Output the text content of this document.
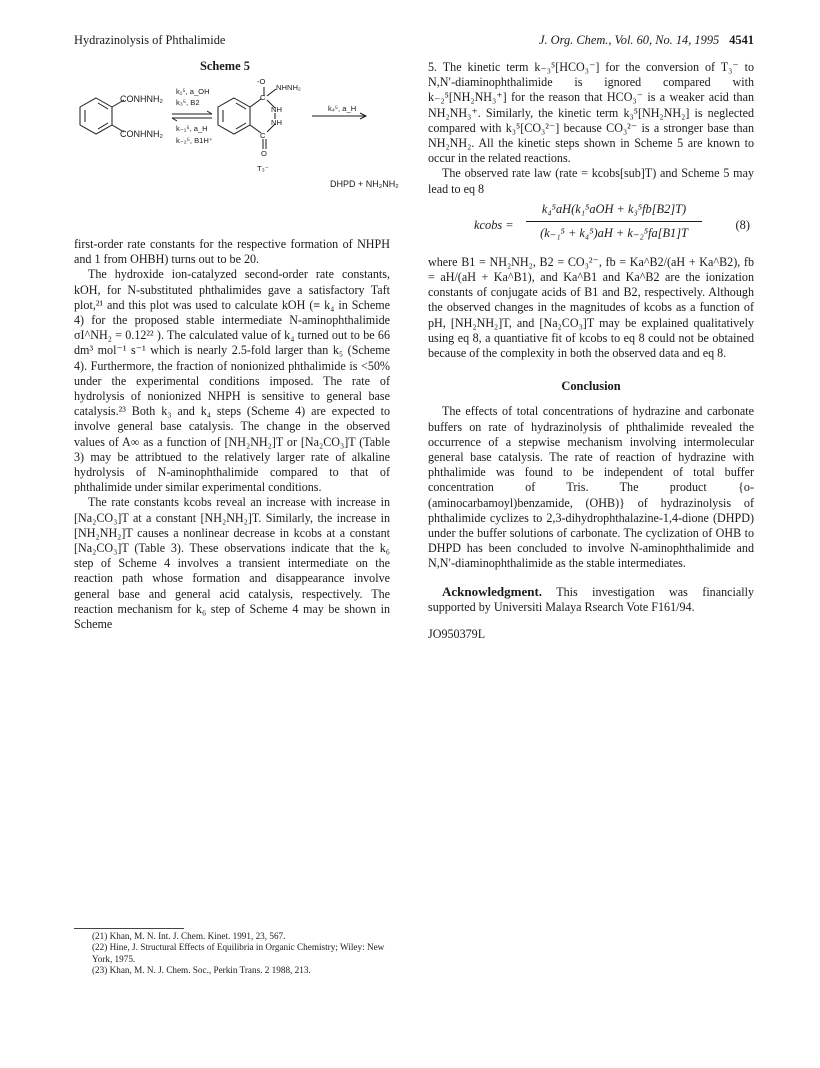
Hydrazinolysis of Phthalimide	J. Org. Chem., Vol. 60, No. 14, 1995 4541
Scheme 5
CONHNH₂
CONHNH₂
k₁⁵, a_OH
k₃⁵, B2
k₋₁⁵, a_H
k₋₂⁵, B1H⁺
-O
NHNH₂
C
NH
NH
C
O
T₃⁻
k₄⁵, a_H
DHPD + NH₂NH₂

first-order rate constants for the respective formation of NHPH and 1 from OHBH) turns out to be 20.

The hydroxide ion-catalyzed second-order rate constants, kOH, for N-substituted phthalimides gave a satisfactory Taft plot,²¹ and this plot was used to calculate kOH (≡ k₄ in Scheme 4) for the proposed stable intermediate N-aminophthalimide σI^NH₂ = 0.12²² ). The calculated value of k₄ turned out to be 66 dm³ mol⁻¹ s⁻¹ which is nearly 2.5-fold larger than k₅ (Scheme 4). Furthermore, the fraction of nonionized phthalimide is <50% under the experimental conditions imposed. The rate of hydrolysis of nonionized NHPH is sensitive to general base catalysis.²³ Both k₃ and k₄ steps (Scheme 4) are expected to involve general base catalysis. The change in the observed values of A∞ as a function of [NH₂NH₂]T or [Na₂CO₃]T (Table 3) may be attribtued to the relatively larger rate of alkaline hydrolysis of N-aminophthalimide compared to that of phthalimide under similar experimental conditions.

The rate constants kcobs reveal an increase with increase in [Na₂CO₃]T at a constant [NH₂NH₂]T. Similarly, the increase in [NH₂NH₂]T causes a nonlinear decrease in kcobs at a constant [Na₂CO₃]T (Table 3). These observations indicate that the k₆ step of Scheme 4 involves a transient intermediate on the reaction path whose formation and disappearance involve general base and general acid catalysis, respectively. The reaction mechanism for k₆ step of Scheme 4 may be shown in Scheme

5. The kinetic term k₋₃⁵[HCO₃⁻] for the conversion of T₃⁻ to N,N′-diaminophthalimide is ignored compared with k₋₂⁵[NH₂NH₃⁺] for the reason that HCO₃⁻ is a weaker acid than NH₂NH₃⁺. Similarly, the kinetic term k₃⁵[NH₂NH₂] is neglected compared with k₃⁵[CO₃²⁻] because CO₃²⁻ is a stronger base than NH₂NH₂. All the kinetic steps shown in Scheme 5 are known to occur in the related reactions.

The observed rate law (rate = kcobs[sub]T) and Scheme 5 may lead to eq 8

kcobs =
k₄⁵aH(k₁⁵aOH + k₃⁵fb[B2]T)
(k₋₁⁵ + k₄⁵)aH + k₋₂⁵fa[B1]T
(8)

where B1 = NH₂NH₂, B2 = CO₃²⁻, fb = Ka^B2/(aH + Ka^B2), fb = aH/(aH + Ka^B1), and Ka^B1 and Ka^B2 are the ionization constants of conjugate acids of B1 and B2, respectively. Although the observed changes in the magnitudes of kcobs as a function of pH, [NH₂NH₂]T, and [Na₂CO₃]T may be explained qualitatively using eq 8, a quantiative fit of kcobs to eq 8 could not be obtained because of the complexity in both the observed data and eq 8.

Conclusion

The effects of total concentrations of hydrazine and carbonate buffers on rate of hydrazinolysis of phthalimide revealed the occurrence of a stepwise mechanism involving intermolecular general base catalysis. The rate of reaction of hydrazine with phthalimide was found to be independent of total buffer concentration of Tris. The product {o-(aminocarbamoyl)benzamide, (OHB)} of hydrazinolysis of phthalimide cyclizes to 2,3-dihydrophthalazine-1,4-dione (DHPD) under the buffer solutions of carbonate. The cyclization of OHB to DHPD has been concluded to involve N-aminophthalimide and N,N′-diaminophthalimide as the stable intermediates.

Acknowledgment. This investigation was financially supported by Universiti Malaya Rsearch Vote F161/94.

JO950379L

(21) Khan, M. N. Int. J. Chem. Kinet. 1991, 23, 567.
(22) Hine, J. Structural Effects of Equilibria in Organic Chemistry; Wiley: New York, 1975.
(23) Khan, M. N. J. Chem. Soc., Perkin Trans. 2 1988, 213.
